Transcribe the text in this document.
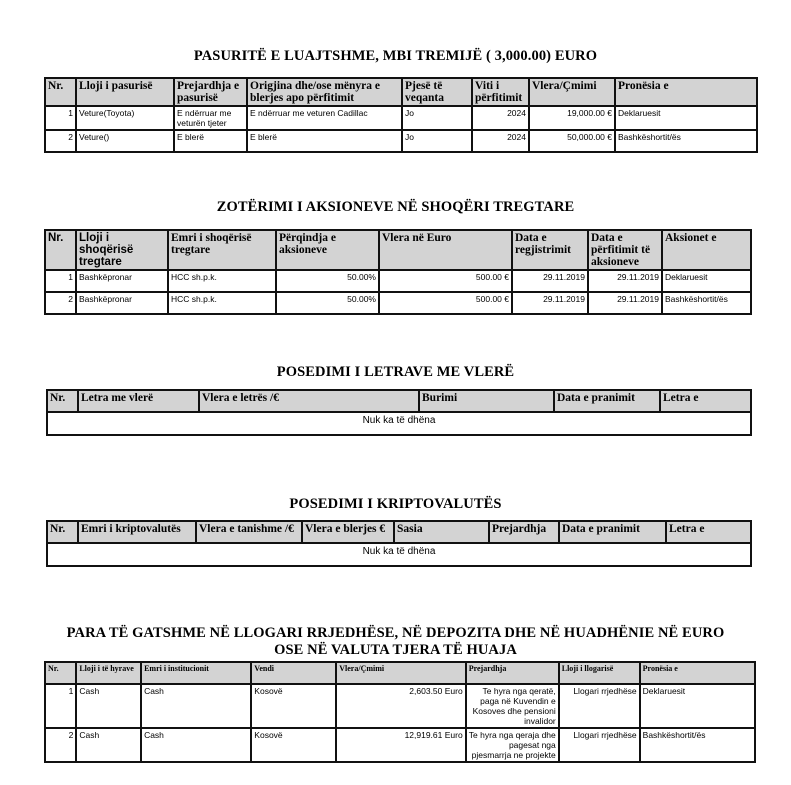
PASURITË E LUAJTSHME, MBI TREMIJË ( 3,000.00) EURO
Nr.	Lloji i pasurisë	Prejardhja e pasurisë	Origjina dhe/ose mënyra e blerjes apo përfitimit	Pjesë të veqanta	Viti i përfitimit	Vlera/Çmimi	Pronësia e
1	Veture(Toyota)	E ndërruar me veturën tjeter	E ndërruar me veturen Cadillac	Jo	2024	19,000.00 €	Deklaruesit
2	Veture()	E blerë	E blerë	Jo	2024	50,000.00 €	Bashkëshortit/ës
ZOTËRIMI I AKSIONEVE NË SHOQËRI TREGTARE
Nr.	Lloji i shoqërisë tregtare	Emri i shoqërisë tregtare	Përqindja e aksioneve	Vlera në Euro	Data e regjistrimit	Data e përfitimit të aksioneve	Aksionet e
1	Bashkëpronar	HCC sh.p.k.	50.00%	500.00 €	29.11.2019	29.11.2019	Deklaruesit
2	Bashkëpronar	HCC sh.p.k.	50.00%	500.00 €	29.11.2019	29.11.2019	Bashkëshortit/ës
POSEDIMI I LETRAVE ME VLERË
Nr.	Letra me vlerë	Vlera e letrës /€	Burimi	Data e pranimit	Letra e
Nuk ka të dhëna
POSEDIMI I KRIPTOVALUTËS
Nr.	Emri i kriptovalutës	Vlera e tanishme /€	Vlera e blerjes €	Sasia	Prejardhja	Data e pranimit	Letra e
Nuk ka të dhëna
PARA TË GATSHME NË LLOGARI RRJEDHËSE, NË DEPOZITA DHE NË HUADHËNIE NË EURO OSE NË VALUTA TJERA TË HUAJA
Nr.	Lloji i të hyrave	Emri i institucionit	Vendi	Vlera/Çmimi	Prejardhja	Lloji i llogarisë	Pronësia e
1	Cash	Cash	Kosovë	2,603.50 Euro	Te hyra nga qeratë, paga në Kuvendin e Kosoves dhe pensioni invalidor	Llogari rrjedhëse	Deklaruesit
2	Cash	Cash	Kosovë	12,919.61 Euro	Te hyra nga qeraja dhe pagesat nga pjesmarrja ne projekte	Llogari rrjedhëse	Bashkëshortit/ës
